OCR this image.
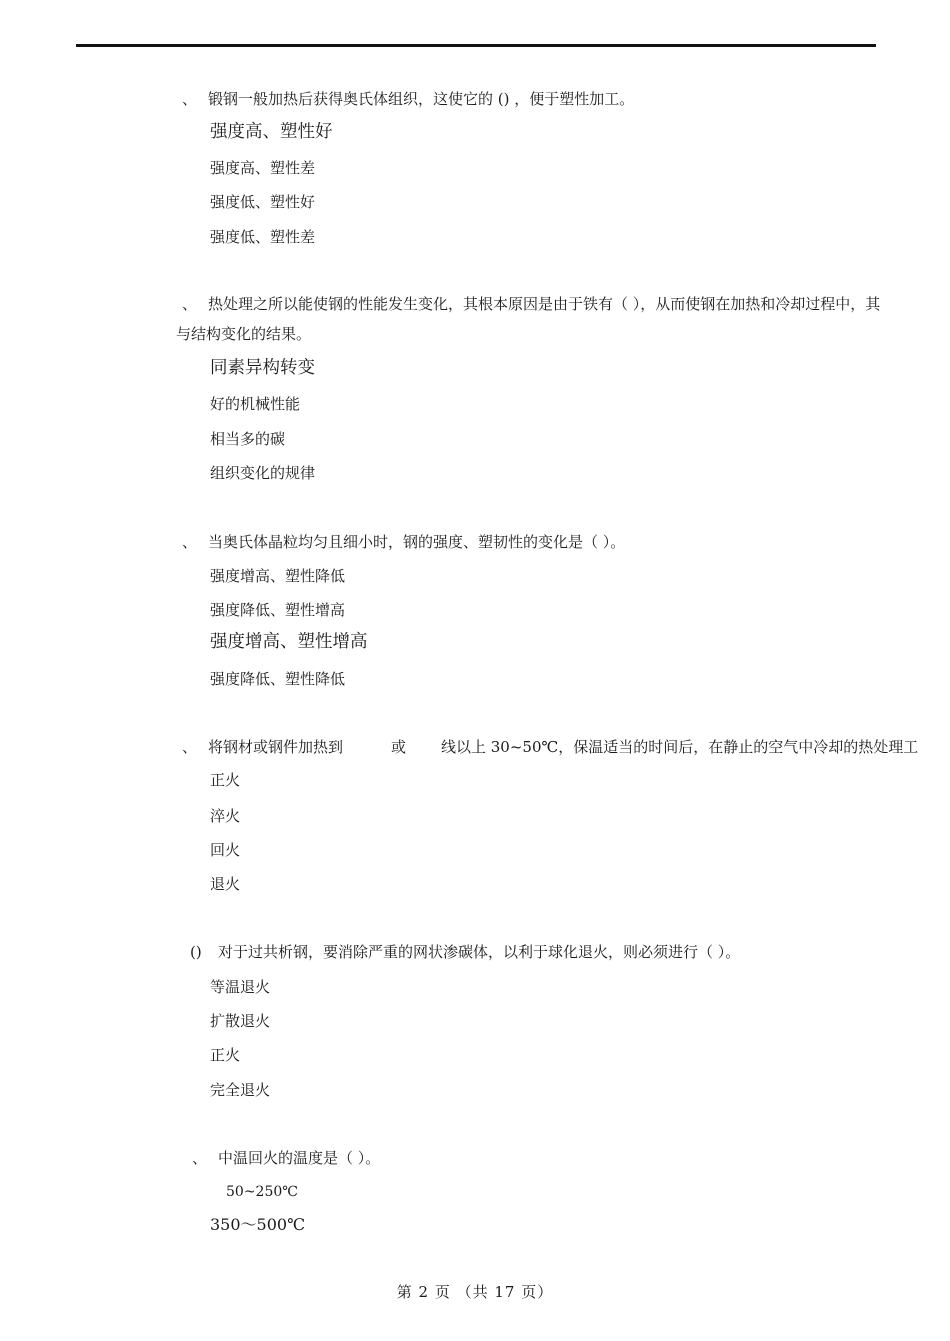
、 锻钢一般加热后获得奥氏体组织，这使它的 () ，便于塑性加工。
强度高、塑性好
强度高、塑性差
强度低、塑性好
强度低、塑性差
、 热处理之所以能使钢的性能发生变化，其根本原因是由于铁有（ ），从而使钢在加热和冷却过程中，其
与结构变化的结果。
同素异构转变
好的机械性能
相当多的碳
组织变化的规律
、 当奥氏体晶粒均匀且细小时，钢的强度、塑韧性的变化是（ ）。
强度增高、塑性降低
强度降低、塑性增高
强度增高、塑性增高
强度降低、塑性降低
、 将钢材或钢件加热到	或 线以上 30~50℃，保温适当的时间后，在静止的空气中冷却的热处理工
正火
淬火
回火
退火
() 对于过共析钢，要消除严重的网状渗碳体，以利于球化退火，则必须进行（ ）。
等温退火
扩散退火
正火
完全退火
、 中温回火的温度是（ ）。
50~250℃
350～500℃
第 2 页 （共 17 页）
